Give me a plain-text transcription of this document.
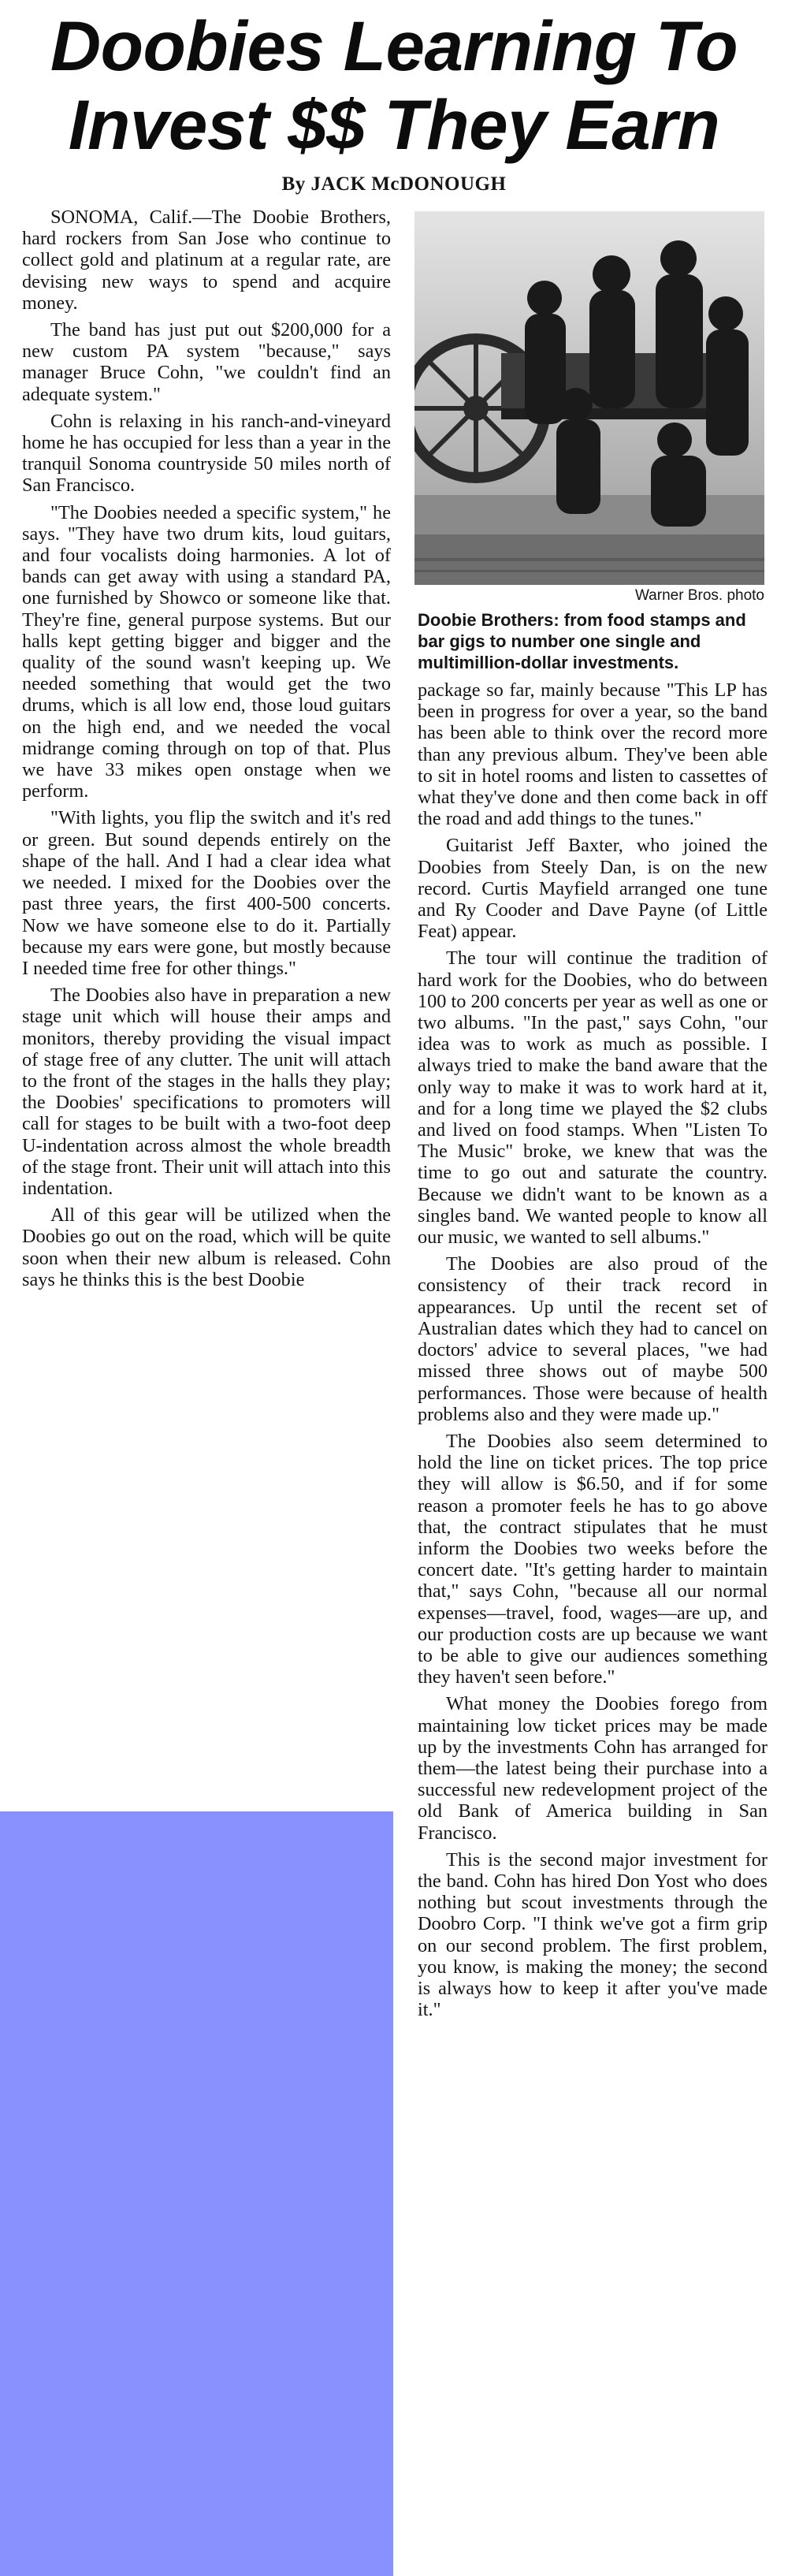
Doobies Learning To
Invest $$ They Earn
By JACK McDONOUGH

SONOMA, Calif.—The Doobie Brothers, hard rockers from San Jose who continue to collect gold and platinum at a regular rate, are devising new ways to spend and acquire money.

The band has just put out $200,000 for a new custom PA system "because," says manager Bruce Cohn, "we couldn't find an adequate system."

Cohn is relaxing in his ranch-and-vineyard home he has occupied for less than a year in the tranquil Sonoma countryside 50 miles north of San Francisco.

"The Doobies needed a specific system," he says. "They have two drum kits, loud guitars, and four vocalists doing harmonies. A lot of bands can get away with using a standard PA, one furnished by Showco or someone like that. They're fine, general purpose systems. But our halls kept getting bigger and bigger and the quality of the sound wasn't keeping up. We needed something that would get the two drums, which is all low end, those loud guitars on the high end, and we needed the vocal midrange coming through on top of that. Plus we have 33 mikes open onstage when we perform.

"With lights, you flip the switch and it's red or green. But sound depends entirely on the shape of the hall. And I had a clear idea what we needed. I mixed for the Doobies over the past three years, the first 400-500 concerts. Now we have someone else to do it. Partially because my ears were gone, but mostly because I needed time free for other things."

The Doobies also have in preparation a new stage unit which will house their amps and monitors, thereby providing the visual impact of stage free of any clutter. The unit will attach to the front of the stages in the halls they play; the Doobies' specifications to promoters will call for stages to be built with a two-foot deep U-indentation across almost the whole breadth of the stage front. Their unit will attach into this indentation.

All of this gear will be utilized when the Doobies go out on the road, which will be quite soon when their new album is released. Cohn says he thinks this is the best Doobie

Warner Bros. photo
Doobie Brothers: from food stamps and bar gigs to number one single and multimillion-dollar investments.

package so far, mainly because "This LP has been in progress for over a year, so the band has been able to think over the record more than any previous album. They've been able to sit in hotel rooms and listen to cassettes of what they've done and then come back in off the road and add things to the tunes."

Guitarist Jeff Baxter, who joined the Doobies from Steely Dan, is on the new record. Curtis Mayfield arranged one tune and Ry Cooder and Dave Payne (of Little Feat) appear.

The tour will continue the tradition of hard work for the Doobies, who do between 100 to 200 concerts per year as well as one or two albums. "In the past," says Cohn, "our idea was to work as much as possible. I always tried to make the band aware that the only way to make it was to work hard at it, and for a long time we played the $2 clubs and lived on food stamps. When "Listen To The Music" broke, we knew that was the time to go out and saturate the country. Because we didn't want to be known as a singles band. We wanted people to know all our music, we wanted to sell albums."

The Doobies are also proud of the consistency of their track record in appearances. Up until the recent set of Australian dates which they had to cancel on doctors' advice to several places, "we had missed three shows out of maybe 500 performances. Those were because of health problems also and they were made up."

The Doobies also seem determined to hold the line on ticket prices. The top price they will allow is $6.50, and if for some reason a promoter feels he has to go above that, the contract stipulates that he must inform the Doobies two weeks before the concert date. "It's getting harder to maintain that," says Cohn, "because all our normal expenses—travel, food, wages—are up, and our production costs are up because we want to be able to give our audiences something they haven't seen before."

What money the Doobies forego from maintaining low ticket prices may be made up by the investments Cohn has arranged for them—the latest being their purchase into a successful new redevelopment project of the old Bank of America building in San Francisco.

This is the second major investment for the band. Cohn has hired Don Yost who does nothing but scout investments through the Doobro Corp. "I think we've got a firm grip on our second problem. The first problem, you know, is making the money; the second is always how to keep it after you've made it."
